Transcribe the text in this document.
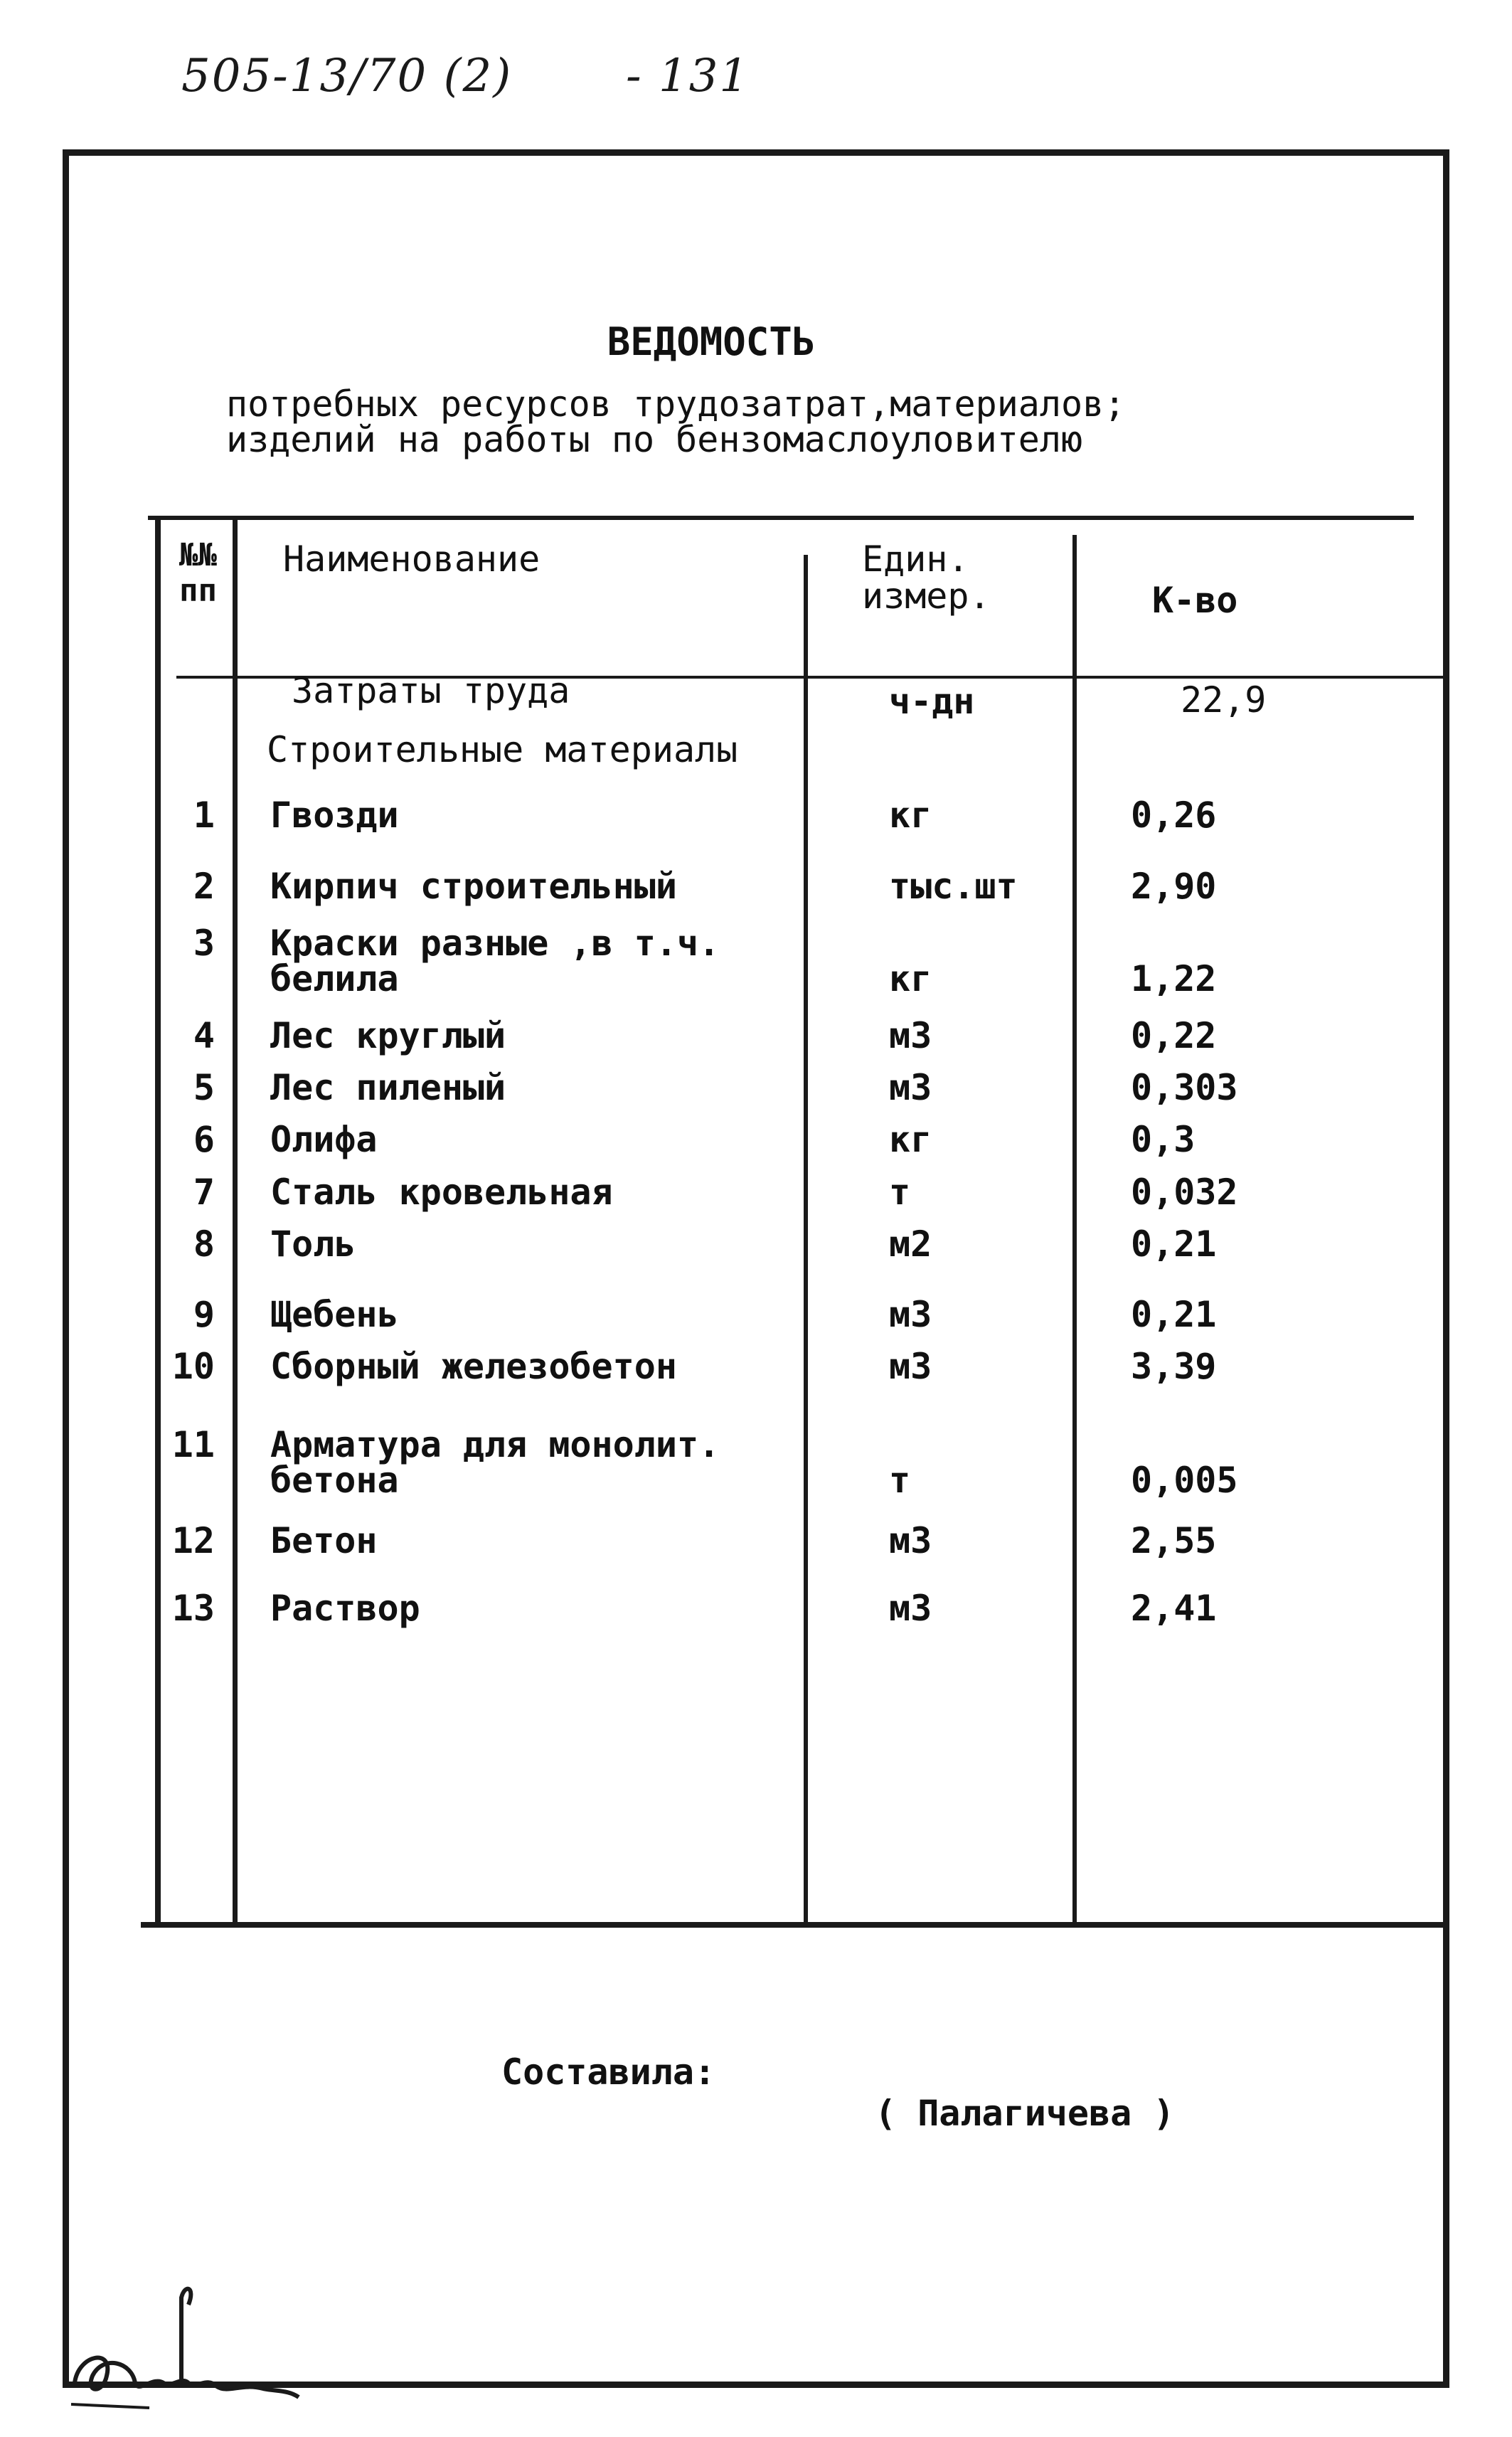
505-13/70 (2) - 131
ВЕДОМОСТЬ
потребных ресурсов трудозатрат,материалов;
изделий на работы по бензомаслоуловителю
№№
пп
Наименование	Един.
измер.	К-во
Затраты труда	ч-дн	22,9
Строительные материалы
1 Гвозди	кг	0,26
2 Кирпич строительный	тыс.шт	2,90
3 Краски разные ,в т.ч.
белила	кг	1,22
4 Лес круглый	м3	0,22
5 Лес пиленый	м3	0,303
6 Олифа	кг	0,3
7 Сталь кровельная	т	0,032
8 Толь	м2	0,21
9 Щебень	м3	0,21
10 Сборный железобетон	м3	3,39
11 Арматура для монолит.
бетона	т	0,005
12 Бетон	м3	2,55
13 Раствор	м3	2,41
Составила:
( Палагичева )
